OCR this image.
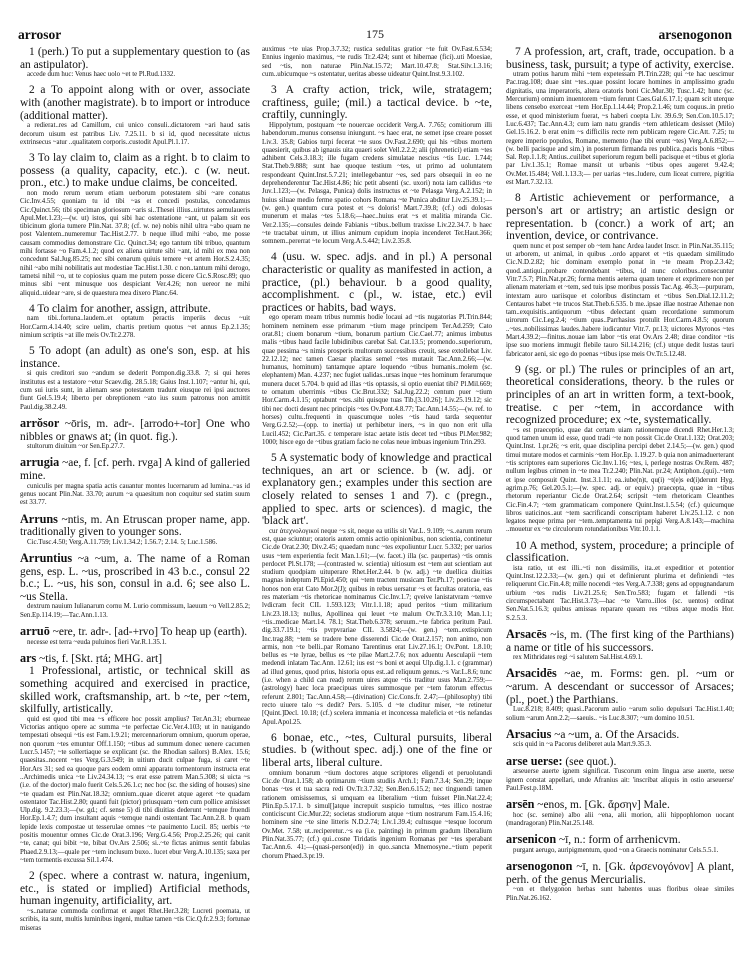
arrosor	175	arsenogonon

1 (perh.) To put a supplementary question to (as an astipulator).

accede dum huc: Venus haec uolo ~et te Pl.Rud.1332.

2 a To appoint along with or over, associate with (another magistrate). b to import or introduce (additional matter).

a redierat..res ad Camillum, cui unico consuli..dictatorem ~ari haud satis decorum uisum est patribus Liv. 7.25.11. b si id, quod necessitate uictus extrinsecus ~atur ..qualitatem corporis..custodit Apul.Pl.1.17.

3 To lay claim to, claim as a right. b to claim to possess (a quality, capacity, etc.). c (w. neut. pron., etc.) to make undue claims, be conceited.

non modo rerum uerum etiam uerborum potestatem sibi ~are conatus Cic.Inv.4.55; quoniam tu id tibi ~as et concedi postulas, concedamus Cic.Quinct.56; tibi speciman gloriosum ~aris si..Thesei illius..uirtutes aemulaueris Apul.Met.1.23;—(w. ut) istos, qui sibi hac ostentatione ~ant, ut palam sit eos tibicinum gloria tumere Plin.Nat. 37.8; (cf. w. ne) nobis nihil ultra ~abo quam ne post Valentem..numeremur Tac.Hist.2.77. b neque illud mihi ~abo, me posse causam commodius demonstrare Cic. Quinct.34; ego tantum tibi tribuo, quantum mihi fortasse ~o Fam.4.1.2; quod ex aliena uirtute sibi ~ant, id mihi ex mea non concedunt Sal.Jug.85.25; nec sibi cenarum quiuis temere ~et artem Hor.S.2.4.35; nihil ~abo mihi nobilitatis aut modestiae Tac.Hist.1.30. c non..tantum mihi derogo, tametsi nihil ~o, ut te copiosius quam me putem posse dicere Cic.S.Rosc.89; quo minus sibi ~ent minusque uos despiciant Ver.4.26; non uereor ne mihi aliquid..uidear ~are, si de quaestura mea dixero Planc.64.

4 To claim for another, assign, attribute.

nam tibi..fortuna..laudem..et optatum peractis imperiis decus ~uit Hor.Carm.4.14.40; scire uelim, chartis pretium quotus ~et annus Ep.2.1.35; nimium scriptis ~at ille meis Ov.Tr.2.278.

5 To adopt (an adult) as one's son, esp. at his instance.

si quis creditori suo ~andum se dederit Pompon.dig.33.8. 7; si qui heres institutus est a testatore ~etur Scaev.dig. 28.5.18; Gaius Inst.1.107; ~antur hi, qui, cum sui iuris sunt, in alienam sese potestatem tradunt eiusque rei ipsi auctores fiunt Gel.5.19.4; liberto per obreptionem ~ato ius suum patronus non amittit Paul.dig.38.2.49.

arrŏsor ~ōris, m. adr-. [arrodo+-tor] One who nibbles or gnaws at; (in quot. fig.).

stultorum diuitum ~or Sen.Ep.27.7.

arrugia ~ae, f. [cf. perh. rvga] A kind of galleried mine.

cuniculis per magna spatia actis cauantur montes lucernarum ad lumina..~as id genus uocant Plin.Nat. 33.70; aurum ~a quaesitum non coquitur sed statim suum est 33.77.

Arruns ~ntis, m. An Etruscan proper name, app. traditionally given to younger sons.

Cic.Tusc.4.50; Verg.A.11.759; Liv.1.34.2; 1.56.7; 2.14. 5; Luc.1.586.

Arruntius ~a ~um, a. The name of a Roman gens, esp. L. ~us, proscribed in 43 b.c., consul 22 b.c.; L. ~us, his son, consul in a.d. 6; see also L. ~us Stella.

dextrum nauium Iulianarum cornu M. Lurio commissum, laeuum ~o Vell.2.85.2; Sen.Ep.114.19;—Tac.Ann.1.13.

arruō ~ere, tr. adr-. [ad-+rvo] To heap up (earth).

necesse est terra ~euda puluinos fieri Var.R.1.35.1.

ars ~tis, f. [Skt. ṛtá; MHG. art]

1 Professional, artistic, or technical skill as something acquired and exercised in practice, skilled work, craftsmanship, art. b ~te, per ~tem, skilfully, artistically.

quid est quod tibi mea ~s efficere hoc possit amplius? Ter.An.31; eburneae Victorias antiquo opere ac summa ~te perfectae Cic.Ver.4.103; ut in nauigando tempestati obsequi ~tis est Fam.1.9.21; mercennariorum omnium, quorum operae, non quorum ~tes emuntur Off.1.150; ~tibus ad summum donec uenere cacumen Lucr.5.1457; ~te sollertiaque se explicant (sc. the Rhodian sailors) B.Alex. 15.6; quaesitas..nocent ~tes Verg.G.3.549; in uitium ducit culpae fuga, si caret ~te Hor.Ars 31; sed ea quoque pars eodem omni apparatu tormentorum instructa erat ..Archimedis unica ~te Liv.24.34.13; ~s erat esse patrem Man.5.308; si uicta ~s (i.e. of the doctor) malo fuerit Cels.5.26.1.c; nec hoc (sc. the siding of houses) sine ~te quadam est Plin.Nat.18.32; omnium..quae diceret atque ageret ~te quadam ostentator Tac.Hist.2.80; quanti fuit (pictor) priusquam ~tem cum pollice amisisset Ulp.dig. 9.2.23.3;—(w. gd.; cf. sense 5) di tibi diuitias dederunt ~temque fruendi Hor.Ep.1.4.7; dum insultant aquis ~temque nandi ostentant Tac.Ann.2.8. b quam lepide lexis compostae ut tesserulae omnes ~te pauimento Lucil. 85; uerbis ~te positis mouentur omnes Cic.de Orat.3.196; Verg.G.4.56; Prop.2.25.26; qui canit ~te, canat; qui bibit ~te, bibat Ov.Ars 2.506; si..~te fictas animus sentit fabulas Phaed.2.9.13;—quale per ~tem inclusum buxo.. lucet ebur Verg.A.10.135; saxa per ~tem tormentis excussa Sil.1.474.

2 (spec. where a contrast w. natura, ingenium, etc., is stated or implied) Artificial methods, human ingenuity, artificiality, art.

~s..naturae commoda confirmat et auget Rhet.Her.3.28; Lucreti poemata, ut scribis, ita sunt, multis luminibus ingeni, multae tamen ~tis Cic.Q.fr.2.9.3; fortunae miseras

auximus ~te uias Prop.3.7.32; rustica sedulitas gratior ~te fuit Ov.Fast.6.534; Ennius ingenio maximus, ~te rudis Tr.2.424; sunt et hibernae (fici)..uti Moesiae, sed ~tis, non naturae Plin.Nat.15.72; Mart.10.47.8; Stat.Silv.1.3.16; cum..ubicumque ~s ostentatur, ueritas abesse uideatur Quint.Inst.9.3.102.

3 A crafty action, trick, wile, stratagem; craftiness, guile; (mil.) a tactical device. b ~te, craftily, cunningly.

Hippolytum, postquam ~te nouercae occiderit Verg.A. 7.765; comitiorum illi habendorum..munus consensu iniungunt. ~s haec erat, ne semet ipse creare posset Liv.3. 35.8; Gabios turpi fecerat ~te suos Ov.Fast.2.690; qui his ~tibus mortem quaesierit, quibus ab ignauis uita quaeri solet Vell.2.2.2; alii (phrenetici) etiam ~tes adhibent Cels.3.18.3; ille fugam credens simulatae nescius ~tis Luc. 1.744; Stat.Theb.9.888; sunt hae quoque testium ~tes, ut primo ad uoluntatem respondeant Quint.Inst.5.7.21; intellegebantur ~es, sed pars obsequii in eo ne deprehenderentur Tac.Hist.4.86; hic petit absenti (sc. uxori) nota iam callidus ~te Juv.1.123;—(w. Pelasga, Punica) dolis instructus et ~te Pelasga Verg.A.2.152; in huius siluae medio ferme spatio cohors Romana ~te Punica abditur Liv.25.39.1;—(w. gen.) quantum cura potest et ~s doloris! Mart.7.39.8; (cf.) odi dolosas munerum et malas ~tes 5.18.6;—haec..huius erat ~s et malitia miranda Cic. Ver.2.135;—consules deinde Fabianis ~tibus..bellum traxisse Liv.22.34.7. b haec ~te tractabat uirum, ut illius animum cupidum inopia incenderet Ter.Haut.366; somnem..pererrat ~te locum Verg.A.5.442; Liv.2.35.8.

4 (usu. w. spec. adjs. and in pl.) A personal characteristic or quality as manifested in action, a practice, (pl.) behaviour. b a good quality, accomplishment. c (pl., w. istae, etc.) evil practices or habits, bad ways.

ego operam meam tribus nummis hodie locaui ad ~tis nugatorias Pl.Trin.844; hominem neminem esse primarum ~tium mage principem Ter.Ad.259; Cato orat.81; ciuem bonarum ~tium, bonarum partium Cic.Cael.77; animus imbutus malis ~tibus haud facile lubidinibus carebat Sal. Cat.13.5; promendo..superiorum, quae pessima ~s nimis prosperis multorum successibus creuit, sese extollebat Liv. 22.12.12; nec tamen Caesar placitas semel ~tes mutauit Tac.Ann.2.66;—(w. humanus, hominum) tantamque aptare loquendo ~tibus humanis..molem (sc. elephantem) Man. 4.237; nec fugiet ualidas..ursas inque ~tes hominum ferarumque munera ducet 5.704. b quid ad illas ~tis optassis, si optio eueniat tibi? Pl.Mil.669; te ornatum uberrimis ~tibus Cic.Brut.332; Sal.Jug.22.2; centum puer ~tium Hor.Carm.4.1.15; optabunt ~tes..sibi quisque tuas Tib.[3.10.26]; Liv.25.19.12; sic tibi nec docti desunt nec principis ~tes Ov.Pont.4.8.77; Tac.Ann.14.55;—(w. ref. to horses) cultu..frequenti in quascumque uoles ~tis haud tarda sequentur Verg.G.2.52;—(opp. to inertia) ut perhibetur iners, ~s in quo non erit ulla Lucil.452; Cic.Part.35. c temperare istac aetate istis decet ted ~tibus Pl.Mer.982; 1000; hisce ego de ~tibus gratiam facio ne colas neue imbuas ingenium Trin.293.

5 A systematic body of knowledge and practical techniques, an art or science. b (w. adj. or explanatory gen.; examples under this section are closely related to senses 1 and 7). c (pregn., applied to spec. arts or sciences). d magic, the 'black art'.

cur ἀτεχνολογικοί neque ~s sit, neque ea utilis sit Var.L. 9.109; ~s..earum rerum est, quae sciuntur; oratoris autem omnis actio opinionibus, non scientia, continetur Cic.de Orat.2.30; Div.2.45; quaedam nunc ~tes expoliuntur Lucr. 5.332; per uarios usus ~tem experientia fecit Man.1.61;—(w. facet.) illa (sc. paupertas) ~tis omnis perdocet Pl.St.178; —(contrasted w. scientia) uitiosum est ~tem aut scientiam aut studium quodpiam uituperare Rhet.Her.2.44. b (w. adj.) ~te duellica diuitias magnas indeptum Pl.Epid.450; qui ~tem tractent musicam Ter.Ph.17; poeticae ~tis honos non erat Cato Mor.2(J); quibus in rebus uersatur ~s et facultas oratoria, eas res materiam ~tis rhetoricae nominamus Cic.Inv.1.7; qveive lanistatvram ~temve lvdicram fecit CIL 1.593.123; Vitr.1.1.18; apud peritos ~tium militarium Liv.23.18.13; nullus, Apollinea qui leuet ~te malum Ov.Tr.3.3.10; Man.1.1; ~tis..medicae Mart.14. 78.1; Stat.Theb.6.378; seruum..~te fabrica peritum Paul. dig.33.7.19.1; ~tis pvrpvrariae CIL 3.5824;—(w. gen.) ~tem..extispicum Inc.trag.88; ~tem se tradere bene disserendi Cic.de Orat.2.157; non animo, non armis, non ~te belli..par Romano Tarentinus erat Liv.27.16.1; Ov.Pont. 1.8.10; bellus es ~te lyrae, bellus es ~te pilae Mart.2.7.6; nox aduentu Aesculapii ~tem medendi inlatam Tac.Ann. 12.61; ius est ~s boni et aequi Ulp.dig.1.1. c (grammar) ad illud genus, quod prius, historia opus est..ad reliquum genus..~s Var.L.8.6; tunc (i.e. when a child can read) rerum uires atque ~tis traditur usus Man.2.759;—(astrology) haec loca praecipuas uires summosque per ~tem fatorum effectus referunt 2.801; Tac.Ann.4.58;—(divination) Cic.Cons.fr. 2.47;—(philosophy) tibi recto uiuere talo ~s dedit? Pers. 5.105. d ~te cluditur miser, ~te retinetur [Quint.]Decl. 10.18; (cf.) scelera immania et inconcessa maleficia et ~tis nefandas Apul.Apol.25.

6 bonae, etc., ~tes, Cultural pursuits, liberal studies. b (without spec. adj.) one of the fine or liberal arts, liberal culture.

omnium bonarum ~tium doctores atque scriptores eligendi et peruolutandi Cic.de Orat.1.158; ab optimarum ~tium studiis Arch.1; Fam.7.3.4; Sen.29; inque bonas ~tes et tua sacra redi Ov.Tr.3.7.32; Sen.Ben.6.15.2; nec tinguendi tamen rationem omisissemus, si umquam ea liberalium ~tium fuisset Plin.Nat.22.4; Plin.Ep.5.17.1. b simul[]atque increpuit suspicio tumultus, ~tes illico nostrae conticiscunt Cic.Mur.22; societas studiorum atque ~tium nostrarum Fam.15.4.16; hominem sine ~te sine litteris N.D.2.74; Liv.1.39.4; cultusque ~tesque locorum Ov.Met. 7.58; ut..reciperetur..~s ea (i.e. painting) in primum gradum liberalium Plin.Nat.35.77; (cf.) qui..cosne Tiridatis ingenium Romanas per ~tes sperabant Tac.Ann.6. 41;—(quasi-person(ed)) in quo..sancta Mnemosyne..~tium peperit chorum Phaed.3.pr.19.

7 A profession, art, craft, trade, occupation. b a business, task, pursuit; a type of activity, exercise.

utram potius harum mihi ~tem expetessam Pl.Trin.228; qui ~te hac uescimur Pac.trag.108; duae sint ~tes..quae possint locare homines in amplissimo gradu dignitatis, una imperatoris, altera oratoris boni Cic.Mur.30; Tusc.1.42; hunc (sc. Mercurium) omnium inuentorem ~tium ferunt Caes.Gal.6.17.1; quam scit uterque libens censebo exerceat ~tem Hor.Ep.1.14.44; Prop.2.1.46; tum coquus..in pretio esse, et quod ministerium fuerat, ~s haberi coepta Liv. 39.6.9; Sen.Con.10.5.17; Luc.6.437; Tac.Ann.4.3; cum iam natu grandis ~tem athleticam desisset (Milo) Gel.15.16.2. b erat enim ~s difficilis recte rem publicam regere Cic.Att. 7.25; tu regere imperio populos, Romane, memento (hae tibi erunt ~tes) Verg.A.6.852;—(w. belli pacisque and sim.) in posterum firmanda res publica..pacis bonis ~tibus Sal. Rep.1.1.8; Antius..cuilibet superiorum regum belli pacisque et ~tibus et gloria par Liv.1.35.1; Romae mansit ut urbanis ~tibus opes augeret 9.42.4; Ov.Met.15.484; Vell.1.13.3;— per uarias ~tes..ludere, cum liceat currere, pigritia est Mart.7.32.13.

8 Artistic achievement or performance, a person's art or artistry; an artistic design or representation. b (concr.) a work of art; an invention, device, or contrivance.

quem nunc et post semper ob ~tem hanc Ardea laudet Inscr. in Plin.Nat.35.115; ut arborem, ut animal, in quibus ..ordo apparet et ~tis quaedam similitudo Cic.N.D.2.82; hic dominam exemplo ponat in ~te meam Prop.2.3.42; quod..antiqui..probare contendebant ~tibus, id nunc coloribus..consecuntur Vitr.7.5.7; Plin.Nat.pr.26; forma mentis aeterna quam tenere et exprimere non per alienam materiam et ~tem, sed tuis ipse moribus possis Tac.Ag. 46.3;—purpuram, intextam auro uariisque et coloribus distinctam et ~tibus Sen.Dial.12.11.2; Centauros habet ~te trucos Stat.Theb.6.535. b me..ipsae illae nostrae Athenae non tam..exquisitis..antiquorum ~tibus delectant quam recordatione summorum uirorum Cic.Leg.2.4; ~tium quas..Parrhasius protulit Hor.Carm.4.8.5; quorum ..~tes..nobilissimas laudes..habere iudicantur Vitr.7. pr.13; uictores Myronos ~tes Mart.4.39.2;—finitus..nouae iam labor ~tis erat Ov.Ars 2.48; dirae conditor ~tis ipse suo moriens immugit flebile tauro Sil.14.216; (cf.) utque dedit lustas tauri fabricator aeni, sic ego do poenas ~tibus ipse meis Ov.Tr.5.12.48.

9 (sg. or pl.) The rules or principles of an art, theoretical considerations, theory. b the rules or principles of an art in written form, a text-book, treatise. c per ~tem, in accordance with recognized procedure; ex ~te, systematically.

~s est praeceptio, quae dat certam uiam rationemque dicendi Rhet.Her.1.3; quod tamen unum id esse, quod tradi ~te non possit Cic.de Orat.1.132; Orat.203; Quint.Inst. 1.pr.26; ~s erit, quae disciplina percipi debet 2.14.5;—(w. gen.) quod timui mutare modos et carminis ~tem Hor.Ep. 1.19.27. b quia non animaduerterant ~tis scriptores eam superiores Cic.Inv.1.16; ~tes, i, perlege nostras Ov.Rem. 487; nullum legibus crimen in ~te mea Tr.2.240; Plin.Nat. pr.24; Antiphon..(qui)..~tem et ipse composuit Quint. Inst.3.1.11; ea..iube(n)t, qu(i) ~t(e)s ed(i)derunt Hyg. agrim.p.76; Gel.20.5.1;—(w. spec. adj. or equiv.) praecepta, quae in ~tibus rhetorum reperiantur Cic.de Orat.2.64; scripsit ~tem rhetoricam Cleanthes Cic.Fin.4.7; ~tem grammaticam componere Quint.Inst.1.5.54; (cf.) quicumque libros uaticinos..aut ~tem sacrificandi conscriptam haberet Liv.25.1.12. c non legatos neque prima per ~tem..temptamenta tui pepigi Verg.A.8.143;—machina ..mouetur ex ~te circulorum rotundationibus Vitr.10.1.1.

10 A method, system, procedure; a principle of classification.

ista ratio, ut est illi..~ti non dissimilis, ita..et expeditior et potentior Quint.Inst.12.2.33;—(w. gen.) qui et definierunt plurima et definiendi ~tes reliquerunt Cic.Fin.4.8; mille nocendi ~tes Verg.A.7.338; gens ad oppugnandarum urbium ~tes rudis Liv.21.25.6; Sen.Tro.583; fugam et fallendi ~tis circumspectabant Tac.Hist.3.73;—hac ~te Varro..illos (sc. uentos) ordinat Sen.Nat.5.16.3; quibus amissas reparare queam res ~tibus atque modis Hor. S.2.5.3.

Arsacēs ~is, m. (The first king of the Parthians) a name or title of his successors.

rex Mithridates regi ~i salutem Sal.Hist.4.69.1.

Arsacidēs ~ae, m. Forms: gen. pl. ~um or ~arum. A descendant or successor of Arsaces; (pl., poet.) the Parthians.

Luc.8.218; 8.409; quasi..Pacorum aulio ~arum solio depulsuri Tac.Hist.1.40; solium ~arum Ann.2.2;—saeuis.. ~is Luc.8.307; ~um domino 10.51.

Arsacius ~a ~um, a. Of the Arsacids.

scis quid in ~a Pacorus deliberet aula Mart.9.35.3.

arse uerse: (see quot.).

arseuerse auerte ignem significat. Tuscorum enim lingua arse auerte, uerse ignem constat appellari, unde Afranius ait: 'inscribat aliquis in ostio arseuerse' Paul.Fest.p.18M.

arsēn ~enos, m. [Gk. ἄρσην] Male.

hoc (sc. semine) albo alii ~ena, alii morion, alii hippophlomon uocant (mandragoran) Plin.Nat.25.148.

arsenicon ~ī, n.: form of arrhenicvm.

purgant aerugo, auripigmentum, quod ~on a Graecis nominatur Cels.5.5.1.

arsenogonon ~ī, n. [Gk. ἀρσενογόνον] A plant, perh. of the genus Mercurialis.

~on et thelygonon herbas sunt habentes uuas floribus oleae similes Plin.Nat.26.162.
